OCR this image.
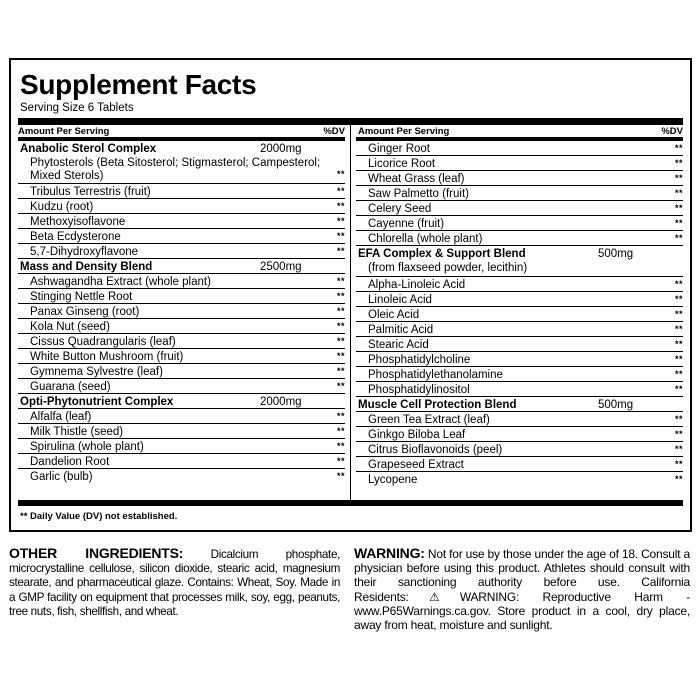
Supplement Facts
Serving Size 6 Tablets
Amount Per Serving	%DV
Anabolic Sterol Complex	2000mg
Phytosterols (Beta Sitosterol; Stigmasterol; Campesterol; Mixed Sterols)	**
Tribulus Terrestris (fruit)	**
Kudzu (root)	**
Methoxyisoflavone	**
Beta Ecdysterone	**
5,7-Dihydroxyflavone	**
Mass and Density Blend	2500mg
Ashwagandha Extract (whole plant)	**
Stinging Nettle Root	**
Panax Ginseng (root)	**
Kola Nut (seed)	**
Cissus Quadrangularis (leaf)	**
White Button Mushroom (fruit)	**
Gymnema Sylvestre (leaf)	**
Guarana (seed)	**
Opti-Phytonutrient Complex	2000mg
Alfalfa (leaf)	**
Milk Thistle (seed)	**
Spirulina (whole plant)	**
Dandelion Root	**
Garlic (bulb)	**
Amount Per Serving	%DV
Ginger Root	**
Licorice Root	**
Wheat Grass (leaf)	**
Saw Palmetto (fruit)	**
Celery Seed	**
Cayenne (fruit)	**
Chlorella (whole plant)	**
EFA Complex & Support Blend	500mg
(from flaxseed powder, lecithin)
Alpha-Linoleic Acid	**
Linoleic Acid	**
Oleic Acid	**
Palmitic Acid	**
Stearic Acid	**
Phosphatidylcholine	**
Phosphatidylethanolamine	**
Phosphatidylinositol	**
Muscle Cell Protection Blend	500mg
Green Tea Extract (leaf)	**
Ginkgo Biloba Leaf	**
Citrus Bioflavonoids (peel)	**
Grapeseed Extract	**
Lycopene	**
** Daily Value (DV) not established.
OTHER INGREDIENTS: Dicalcium phosphate, microcrystalline cellulose, silicon dioxide, stearic acid, magnesium stearate, and pharmaceutical glaze. Contains: Wheat, Soy. Made in a GMP facility on equipment that processes milk, soy, egg, peanuts, tree nuts, fish, shellfish, and wheat.
WARNING: Not for use by those under the age of 18. Consult a physician before using this product. Athletes should consult with their sanctioning authority before use. California Residents:⚠WARNING: Reproductive Harm - www.P65Warnings.ca.gov. Store product in a cool, dry place, away from heat, moisture and sunlight.
